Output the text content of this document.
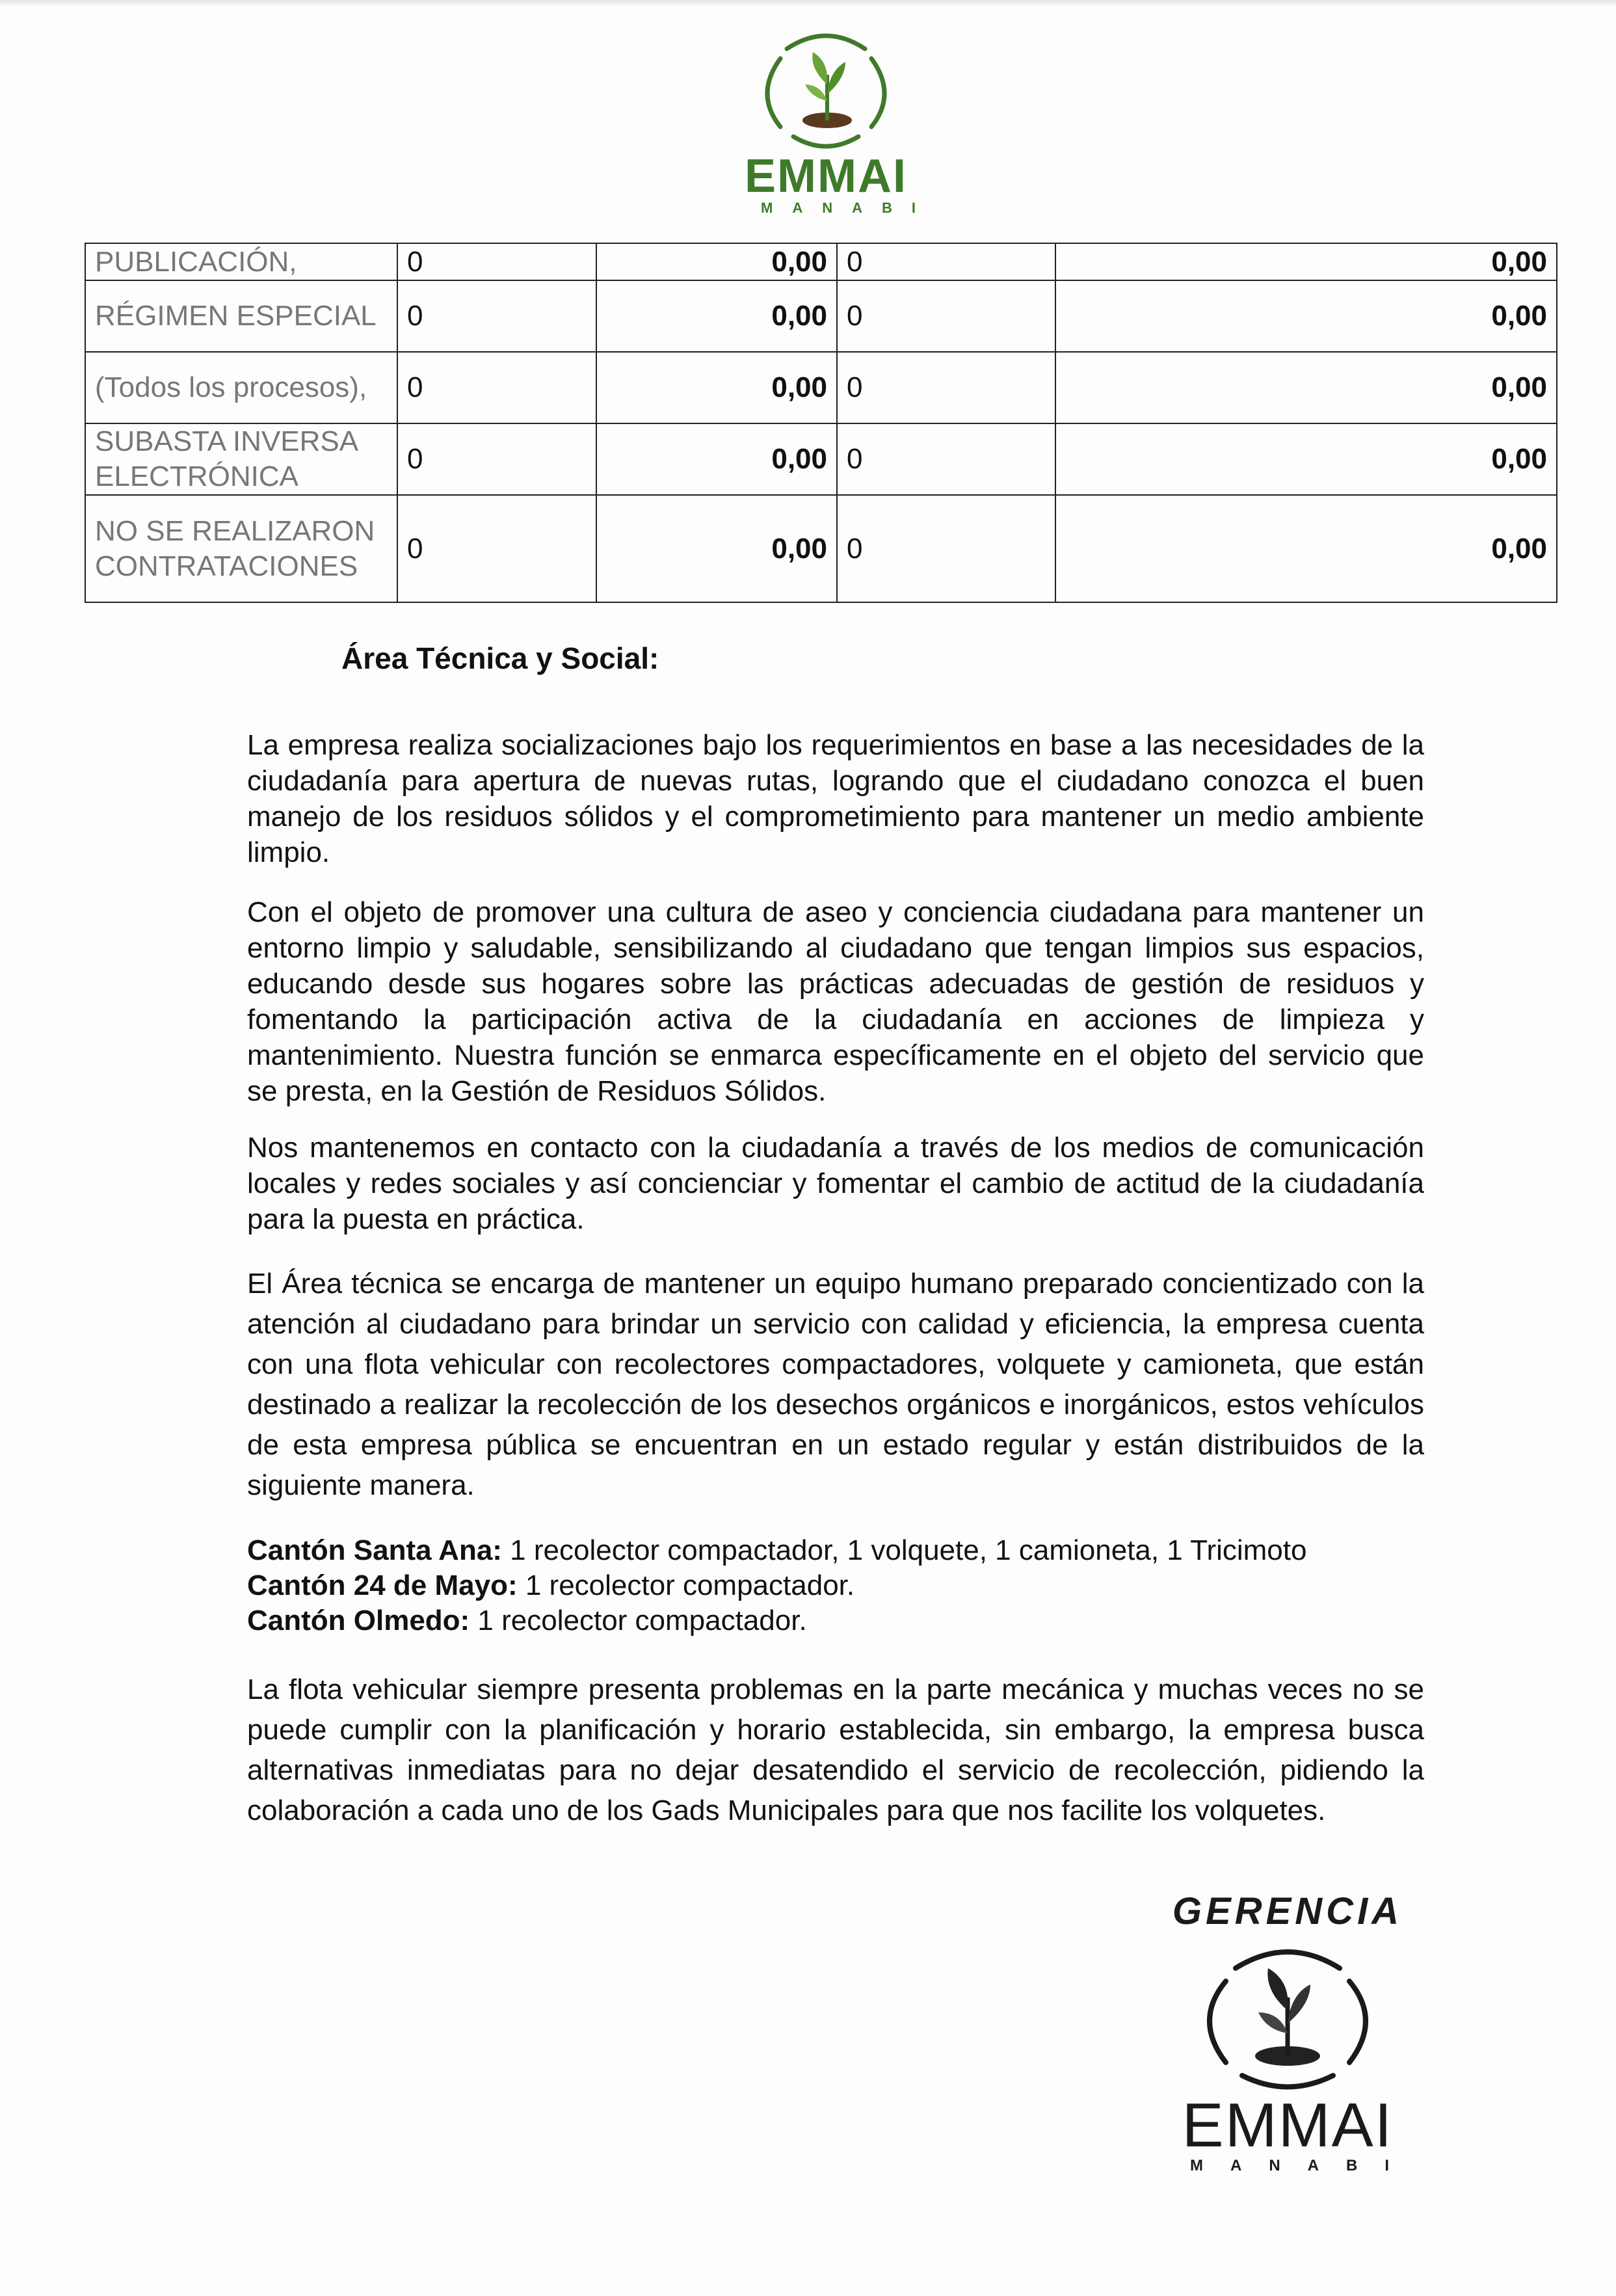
EMMAI
MANABI
PUBLICACIÓN,	0	0,00	0	0,00
RÉGIMEN ESPECIAL	0	0,00	0	0,00
(Todos los procesos),	0	0,00	0	0,00
SUBASTA INVERSA ELECTRÓNICA	0	0,00	0	0,00
NO SE REALIZARON CONTRATACIONES	0	0,00	0	0,00
Área Técnica y Social:

La empresa realiza socializaciones bajo los requerimientos en base a las necesidades de la ciudadanía para apertura de nuevas rutas, logrando que el ciudadano conozca el buen manejo de los residuos sólidos y el comprometimiento para mantener un medio ambiente limpio.

Con el objeto de promover una cultura de aseo y conciencia ciudadana para mantener un entorno limpio y saludable, sensibilizando al ciudadano que tengan limpios sus espacios, educando desde sus hogares sobre las prácticas adecuadas de gestión de residuos y fomentando la participación activa de la ciudadanía en acciones de limpieza y mantenimiento. Nuestra función se enmarca específicamente en el objeto del servicio que se presta, en la Gestión de Residuos Sólidos.

Nos mantenemos en contacto con la ciudadanía a través de los medios de comunicación locales y redes sociales y así concienciar y fomentar el cambio de actitud de la ciudadanía para la puesta en práctica.

El Área técnica se encarga de mantener un equipo humano preparado concientizado con la atención al ciudadano para brindar un servicio con calidad y eficiencia, la empresa cuenta con una flota vehicular con recolectores compactadores, volquete y camioneta, que están destinado a realizar la recolección de los desechos orgánicos e inorgánicos, estos vehículos de esta empresa pública se encuentran en un estado regular y están distribuidos de la siguiente manera.

Cantón Santa Ana: 1 recolector compactador, 1 volquete, 1 camioneta, 1 Tricimoto
Cantón 24 de Mayo: 1 recolector compactador.
Cantón Olmedo: 1 recolector compactador.

La flota vehicular siempre presenta problemas en la parte mecánica y muchas veces no se puede cumplir con la planificación y horario establecida, sin embargo, la empresa busca alternativas inmediatas para no dejar desatendido el servicio de recolección, pidiendo la colaboración a cada uno de los Gads Municipales para que nos facilite los volquetes.

GERENCIA
EMMAI
MANABI
